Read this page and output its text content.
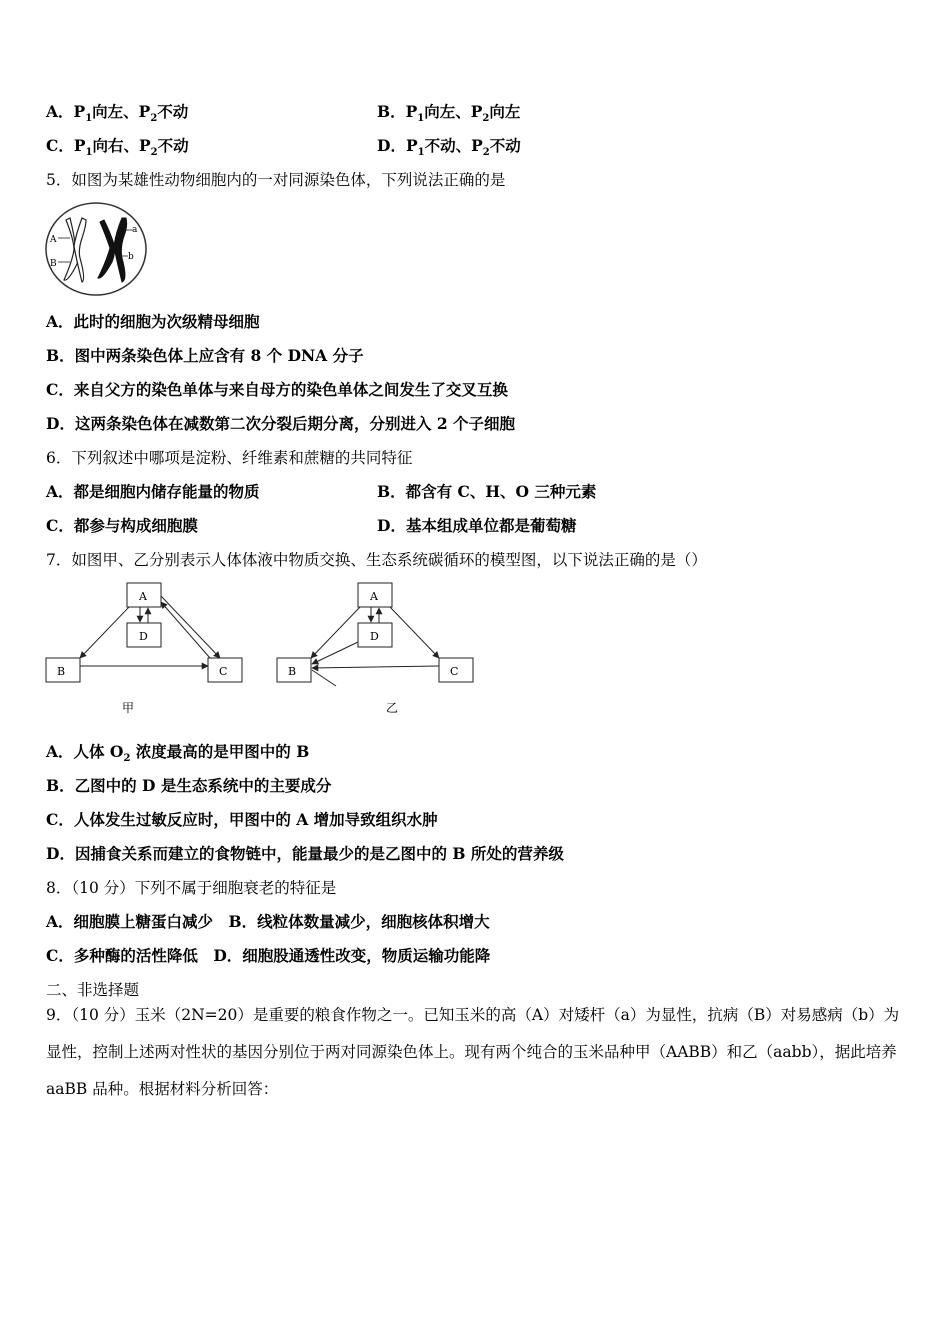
A．$P_1$向左、$P_2$不动	B．$P_1$向左、$P_2$向左
C．$P_1$向右、$P_2$不动	D．$P_1$不动、$P_2$不动
5．如图为某雄性动物细胞内的一对同源染色体，下列说法正确的是
A
B
a
b
A．此时的细胞为次级精母细胞
B．图中两条染色体上应含有 8 个 DNA 分子
C．来自父方的染色单体与来自母方的染色单体之间发生了交叉互换
D．这两条染色体在减数第二次分裂后期分离，分别进入 2 个子细胞
6．下列叙述中哪项是淀粉、纤维素和蔗糖的共同特征
A．都是细胞内储存能量的物质	B．都含有 C、H、O 三种元素
C．都参与构成细胞膜	D．基本组成单位都是葡萄糖
7．如图甲、乙分别表示人体体液中物质交换、生态系统碳循环的模型图，以下说法正确的是（）
A
D
B	C
甲
A
D
B	C
乙
A．人体 $O_2$ 浓度最高的是甲图中的 B
B．乙图中的 D 是生态系统中的主要成分
C．人体发生过敏反应时，甲图中的 A 增加导致组织水肿
D．因捕食关系而建立的食物链中，能量最少的是乙图中的 B 所处的营养级
8．（10 分）下列不属于细胞衰老的特征是
A．细胞膜上糖蛋白减少　B．线粒体数量减少，细胞核体积增大
C．多种酶的活性降低　D．细胞股通透性改变，物质运输功能降
二、非选择题
9．（10 分）玉米（2N=20）是重要的粮食作物之一。已知玉米的高（A）对矮杆（a）为显性，抗病（B）对易感病（b）为显性，控制上述两对性状的基因分别位于两对同源染色体上。现有两个纯合的玉米品种甲（AABB）和乙（aabb），据此培养 aaBB 品种。根据材料分析回答：
